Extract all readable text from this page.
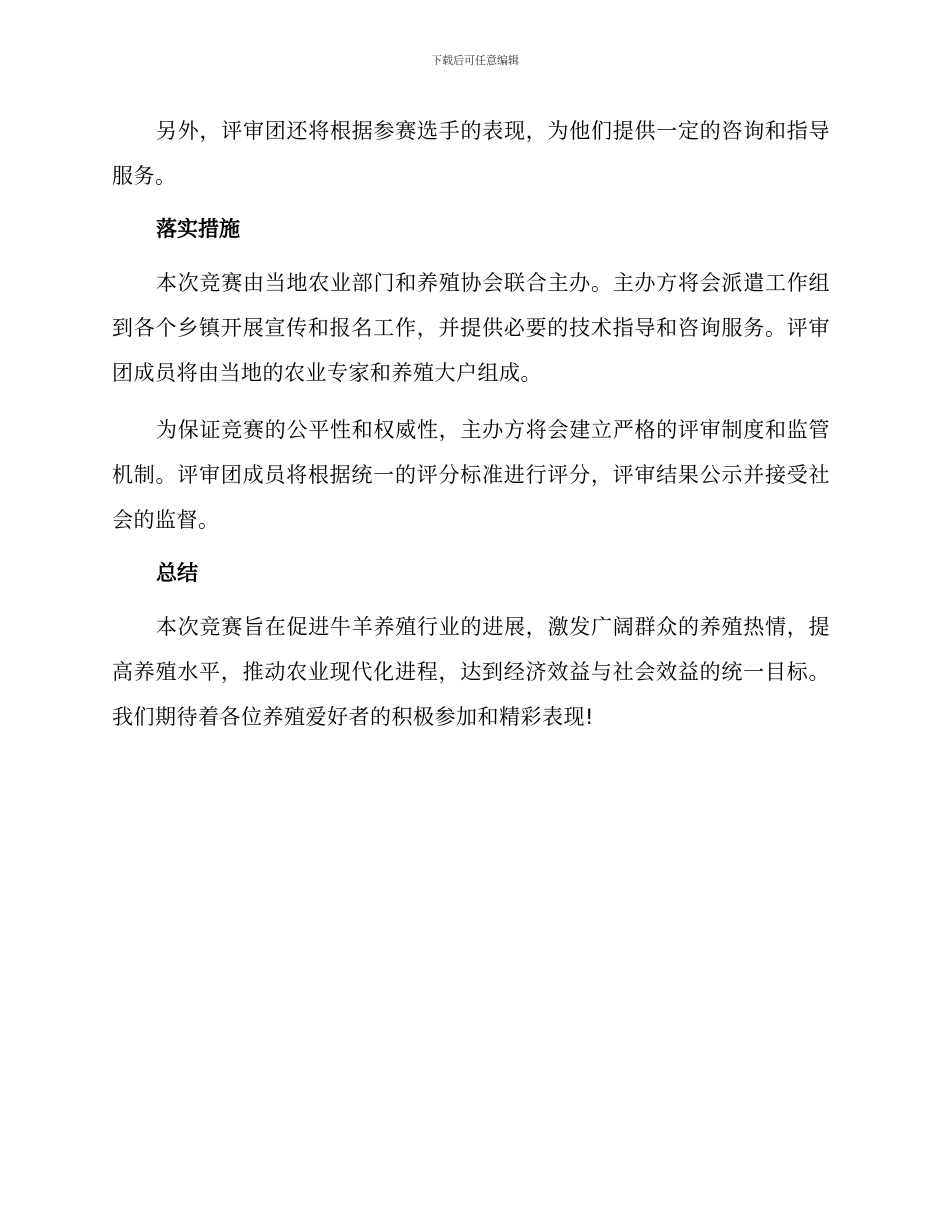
下载后可任意编辑

另外，评审团还将根据参赛选手的表现，为他们提供一定的咨询和指导服务。

落实措施

本次竞赛由当地农业部门和养殖协会联合主办。主办方将会派遣工作组到各个乡镇开展宣传和报名工作，并提供必要的技术指导和咨询服务。评审团成员将由当地的农业专家和养殖大户组成。

为保证竞赛的公平性和权威性，主办方将会建立严格的评审制度和监管机制。评审团成员将根据统一的评分标准进行评分，评审结果公示并接受社会的监督。

总结

本次竞赛旨在促进牛羊养殖行业的进展，激发广阔群众的养殖热情，提高养殖水平，推动农业现代化进程，达到经济效益与社会效益的统一目标。我们期待着各位养殖爱好者的积极参加和精彩表现!
